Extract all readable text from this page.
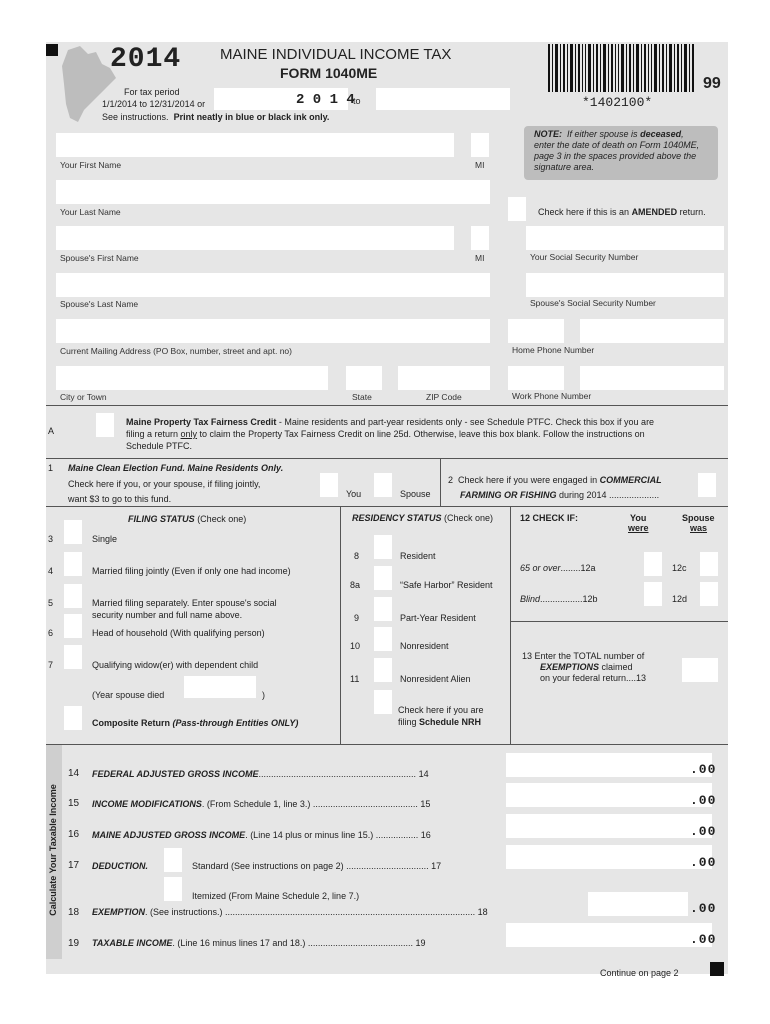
2014	MAINE INDIVIDUAL INCOME TAX
FORM 1040ME
For tax period
1/1/2014 to 12/31/2014 or	2 0 1 4
to
See instructions. Print neatly in blue or black ink only.
*1402100*
99
NOTE: If either spouse is deceased,
enter the date of death on Form 1040ME,
page 3 in the spaces provided above the
signature area.
Your First Name	MI
Your Last Name	Check here if this is an AMENDED return.
Spouse's First Name	MI	Your Social Security Number
Spouse's Last Name	Spouse's Social Security Number
Current Mailing Address (PO Box, number, street and apt. no)	Home Phone Number
City or Town	State	ZIP Code	Work Phone Number
A
Maine Property Tax Fairness Credit - Maine residents and part-year residents only - see Schedule PTFC. Check this box if you are
filing a return only to claim the Property Tax Fairness Credit on line 25d. Otherwise, leave this box blank. Follow the instructions on
Schedule PTFC.
1 Maine Clean Election Fund. Maine Residents Only.
Check here if you, or your spouse, if filing jointly,
want $3 to go to this fund.	You	Spouse
2 Check here if you were engaged in COMMERCIAL
FARMING OR FISHING during 2014 ....................
FILING STATUS (Check one)
3	Single
4	Married filing jointly (Even if only one had income)
5	Married filing separately. Enter spouse's social
security number and full name above.
6	Head of household (With qualifying person)
7	Qualifying widow(er) with dependent child
(Year spouse died	)
Composite Return (Pass-through Entities ONLY)
RESIDENCY STATUS (Check one)
8	Resident
8a	“Safe Harbor” Resident
9	Part-Year Resident
10	Nonresident
11	Nonresident Alien
Check here if you are
filing Schedule NRH
12 CHECK IF:	You
were
Spouse
was
65 or over........12a	12c
Blind.................12b	12d
13 Enter the TOTAL number of
EXEMPTIONS claimed
on your federal return....13
Calculate Your Taxable Income
14 FEDERAL ADJUSTED GROSS INCOME............................................................... 14	.00
15 INCOME MODIFICATIONS. (From Schedule 1, line 3.) .......................................... 15	.00
16 MAINE ADJUSTED GROSS INCOME. (Line 14 plus or minus line 15.) ................. 16	.00
17 DEDUCTION.	Standard (See instructions on page 2) ................................. 17	.00
Itemized (From Maine Schedule 2, line 7.)
18 EXEMPTION. (See instructions.) .................................................................................................... 18	.00
19 TAXABLE INCOME. (Line 16 minus lines 17 and 18.) .......................................... 19	.00
Continue on page 2
